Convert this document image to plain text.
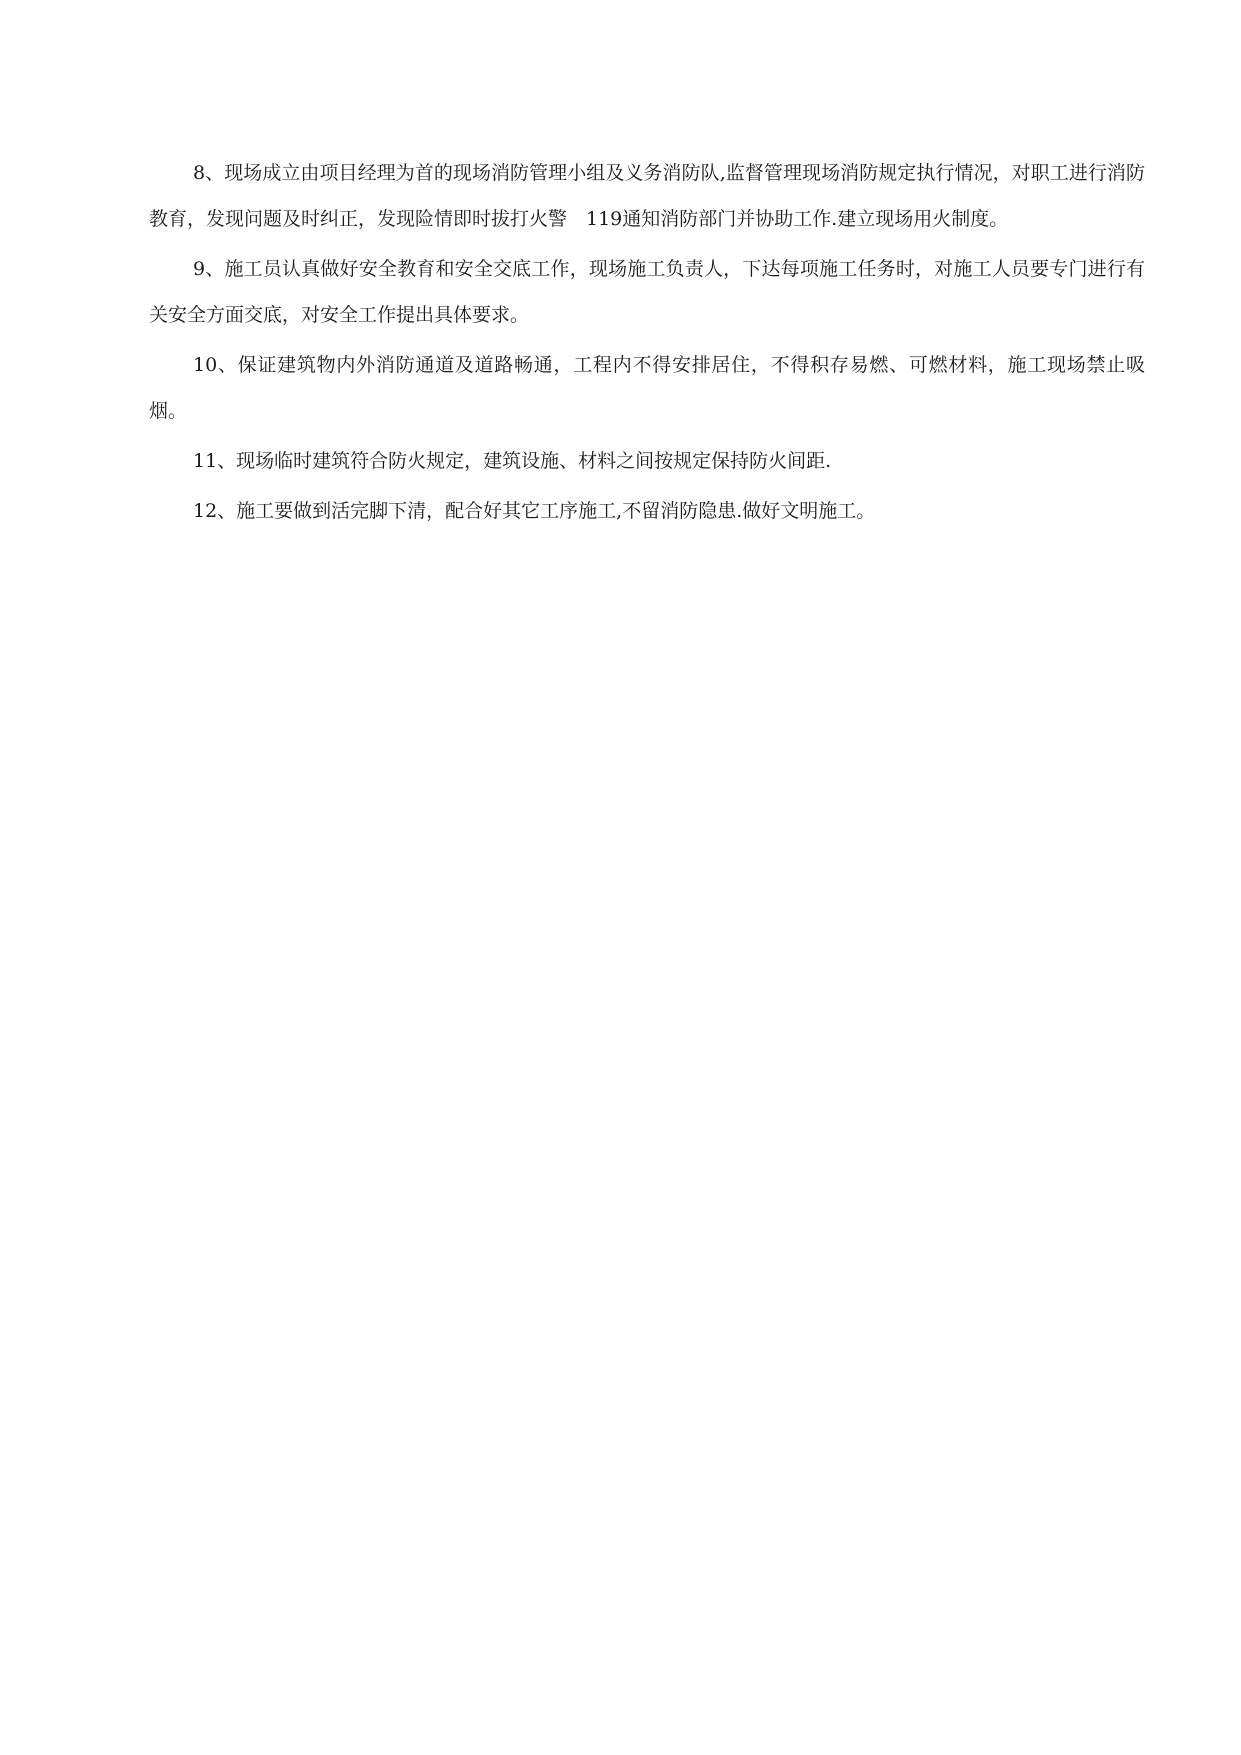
8、现场成立由项目经理为首的现场消防管理小组及义务消防队,监督管理现场消防规定执行情况，对职工进行消防教育，发现问题及时纠正，发现险情即时拔打火警　119通知消防部门并协助工作.建立现场用火制度。

9、施工员认真做好安全教育和安全交底工作，现场施工负责人，下达每项施工任务时，对施工人员要专门进行有关安全方面交底，对安全工作提出具体要求。

10、保证建筑物内外消防通道及道路畅通，工程内不得安排居住，不得积存易燃、可燃材料，施工现场禁止吸烟。

11、现场临时建筑符合防火规定，建筑设施、材料之间按规定保持防火间距.

12、施工要做到活完脚下清，配合好其它工序施工,不留消防隐患.做好文明施工。
